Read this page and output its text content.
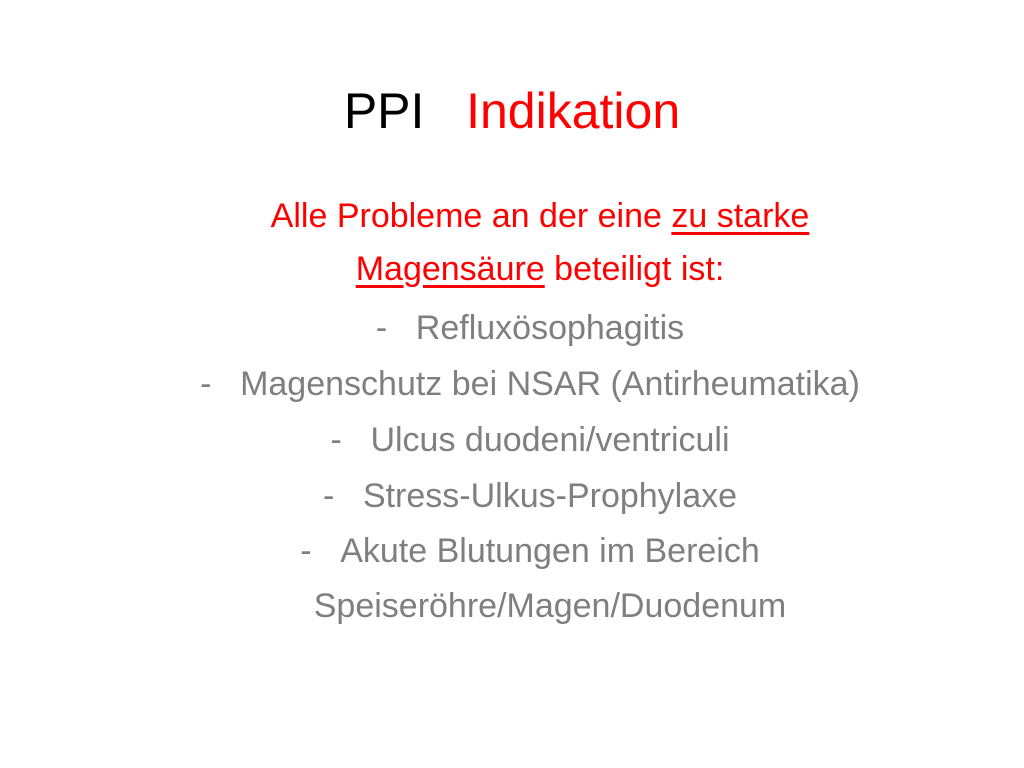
PPI Indikation
Alle Probleme an der eine zu starke
Magensäure beteiligt ist:
- Refluxösophagitis
- Magenschutz bei NSAR (Antirheumatika)
- Ulcus duodeni/ventriculi
- Stress-Ulkus-Prophylaxe
- Akute Blutungen im Bereich
Speiseröhre/Magen/Duodenum
